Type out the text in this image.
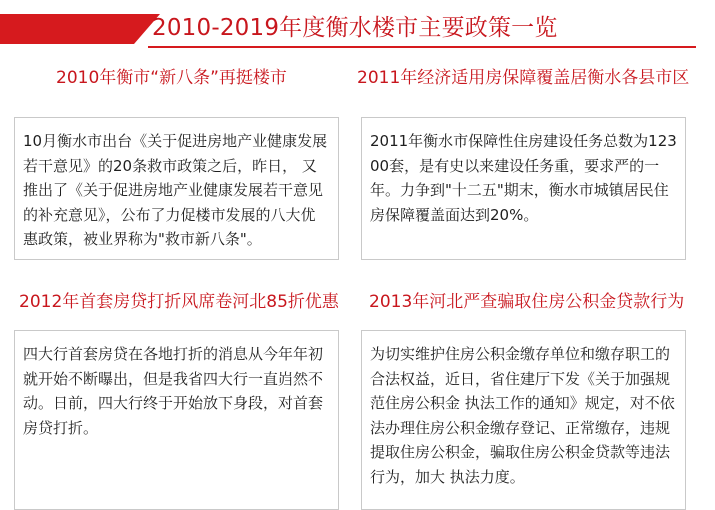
2010-2019年度衡水楼市主要政策一览
2010年衡市“新八条”再挺楼市	2011年经济适用房保障覆盖居衡水各县市区

10月衡水市出台《关于促进房地产业健康发展若干意见》的20条救市政策之后，昨日， 又推出了《关于促进房地产业健康发展若干意见的补充意见》，公布了力促楼市发展的八大优惠政策，被业界称为"救市新八条"。

2011年衡水市保障性住房建设任务总数为12300套，是有史以来建设任务重，要求严的一年。力争到"十二五"期末，衡水市城镇居民住房保障覆盖面达到20%。

2012年首套房贷打折风席卷河北85折优惠 2013年河北严查骗取住房公积金贷款行为

四大行首套房贷在各地打折的消息从今年年初就开始不断曝出，但是我省四大行一直岿然不动。日前，四大行终于开始放下身段，对首套房贷打折。

为切实维护住房公积金缴存单位和缴存职工的合法权益，近日，省住建厅下发《关于加强规范住房公积金 执法工作的通知》规定，对不依法办理住房公积金缴存登记、正常缴存，违规提取住房公积金，骗取住房公积金贷款等违法行为，加大 执法力度。
